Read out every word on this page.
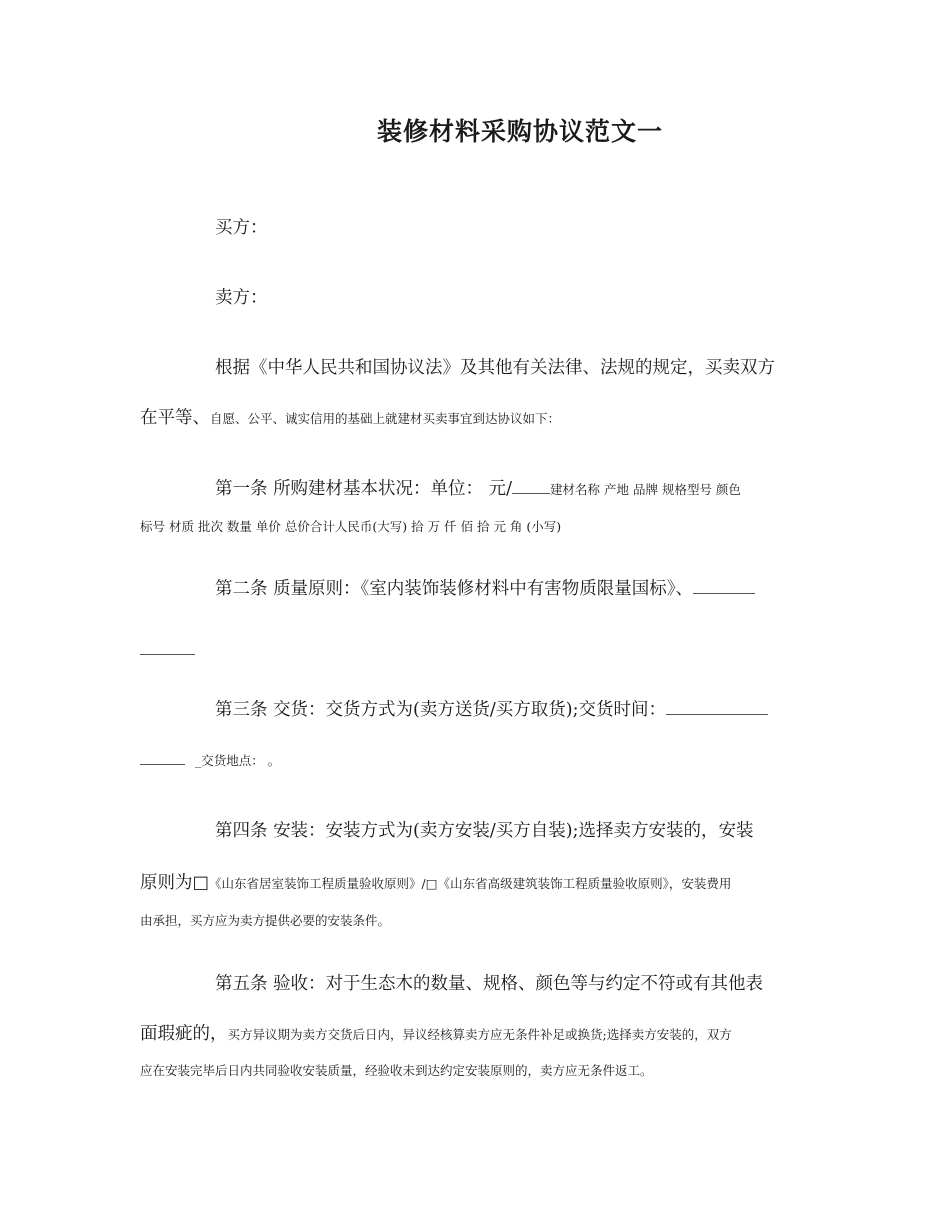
装修材料采购协议范文一
买方：
卖方：
根据《中华人民共和国协议法》及其他有关法律、法规的规定，买卖双方
在平等、自愿、公平、诚实信用的基础上就建材买卖事宜到达协议如下：
第一条 所购建材基本状况：单位： 元/	建材名称 产地 品牌 规格型号 颜色
标号 材质 批次 数量 单价 总价合计人民币(大写) 拾 万 仟 佰 拾 元 角 (小写)
第二条 质量原则：《室内装饰装修材料中有害物质限量国标》、
第三条 交货：交货方式为(卖方送货/买方取货);交货时间：
_交货地点： 。
第四条 安装：安装方式为(卖方安装/买方自装);选择卖方安装的，安装
原则为□《山东省居室装饰工程质量验收原则》/□《山东省高级建筑装饰工程质量验收原则》，安装费用
由承担，买方应为卖方提供必要的安装条件。
第五条 验收：对于生态木的数量、规格、颜色等与约定不符或有其他表
面瑕疵的，买方异议期为卖方交货后日内，异议经核算卖方应无条件补足或换货;选择卖方安装的，双方
应在安装完毕后日内共同验收安装质量，经验收未到达约定安装原则的，卖方应无条件返工。
